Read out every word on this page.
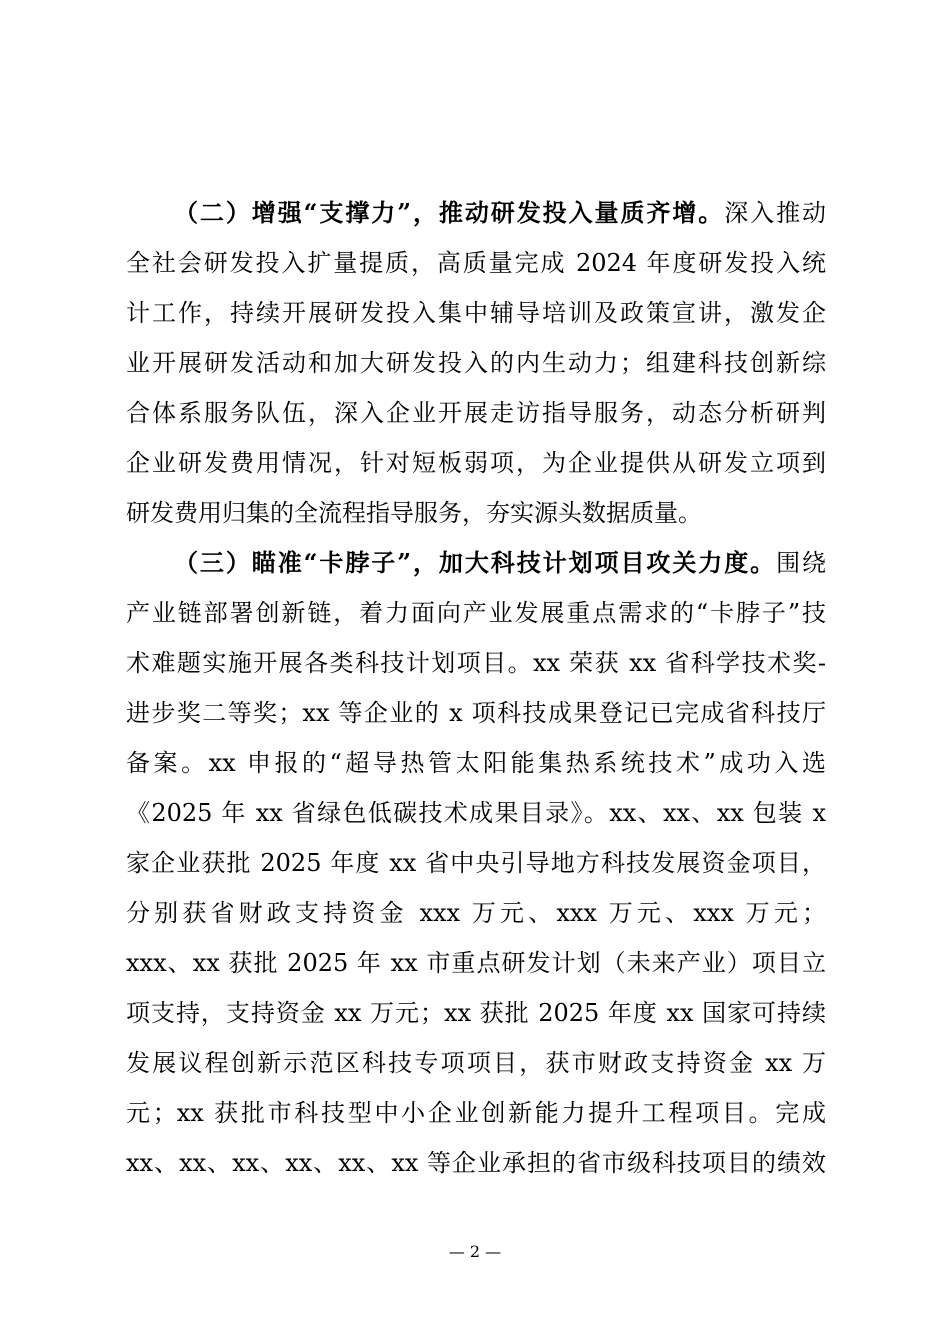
（二）增强“支撑力”，推动研发投入量质齐增。深入推动
全社会研发投入扩量提质，高质量完成 2024 年度研发投入统
计工作，持续开展研发投入集中辅导培训及政策宣讲，激发企
业开展研发活动和加大研发投入的内生动力；组建科技创新综
合体系服务队伍，深入企业开展走访指导服务，动态分析研判
企业研发费用情况，针对短板弱项，为企业提供从研发立项到
研发费用归集的全流程指导服务，夯实源头数据质量。
（三）瞄准“卡脖子”，加大科技计划项目攻关力度。围绕
产业链部署创新链，着力面向产业发展重点需求的“卡脖子”技
术难题实施开展各类科技计划项目。xx 荣获 xx 省科学技术奖-
进步奖二等奖；xx 等企业的 x 项科技成果登记已完成省科技厅
备案。xx 申报的“超导热管太阳能集热系统技术”成功入选
《2025 年 xx 省绿色低碳技术成果目录》。xx、xx、xx 包装 x
家企业获批 2025 年度 xx 省中央引导地方科技发展资金项目，
分别获省财政支持资金 xxx 万元、xxx 万元、xxx 万元；
xxx、xx 获批 2025 年 xx 市重点研发计划（未来产业）项目立
项支持，支持资金 xx 万元；xx 获批 2025 年度 xx 国家可持续
发展议程创新示范区科技专项项目，获市财政支持资金 xx 万
元；xx 获批市科技型中小企业创新能力提升工程项目。完成
xx、xx、xx、xx、xx、xx 等企业承担的省市级科技项目的绩效
— 2 —
